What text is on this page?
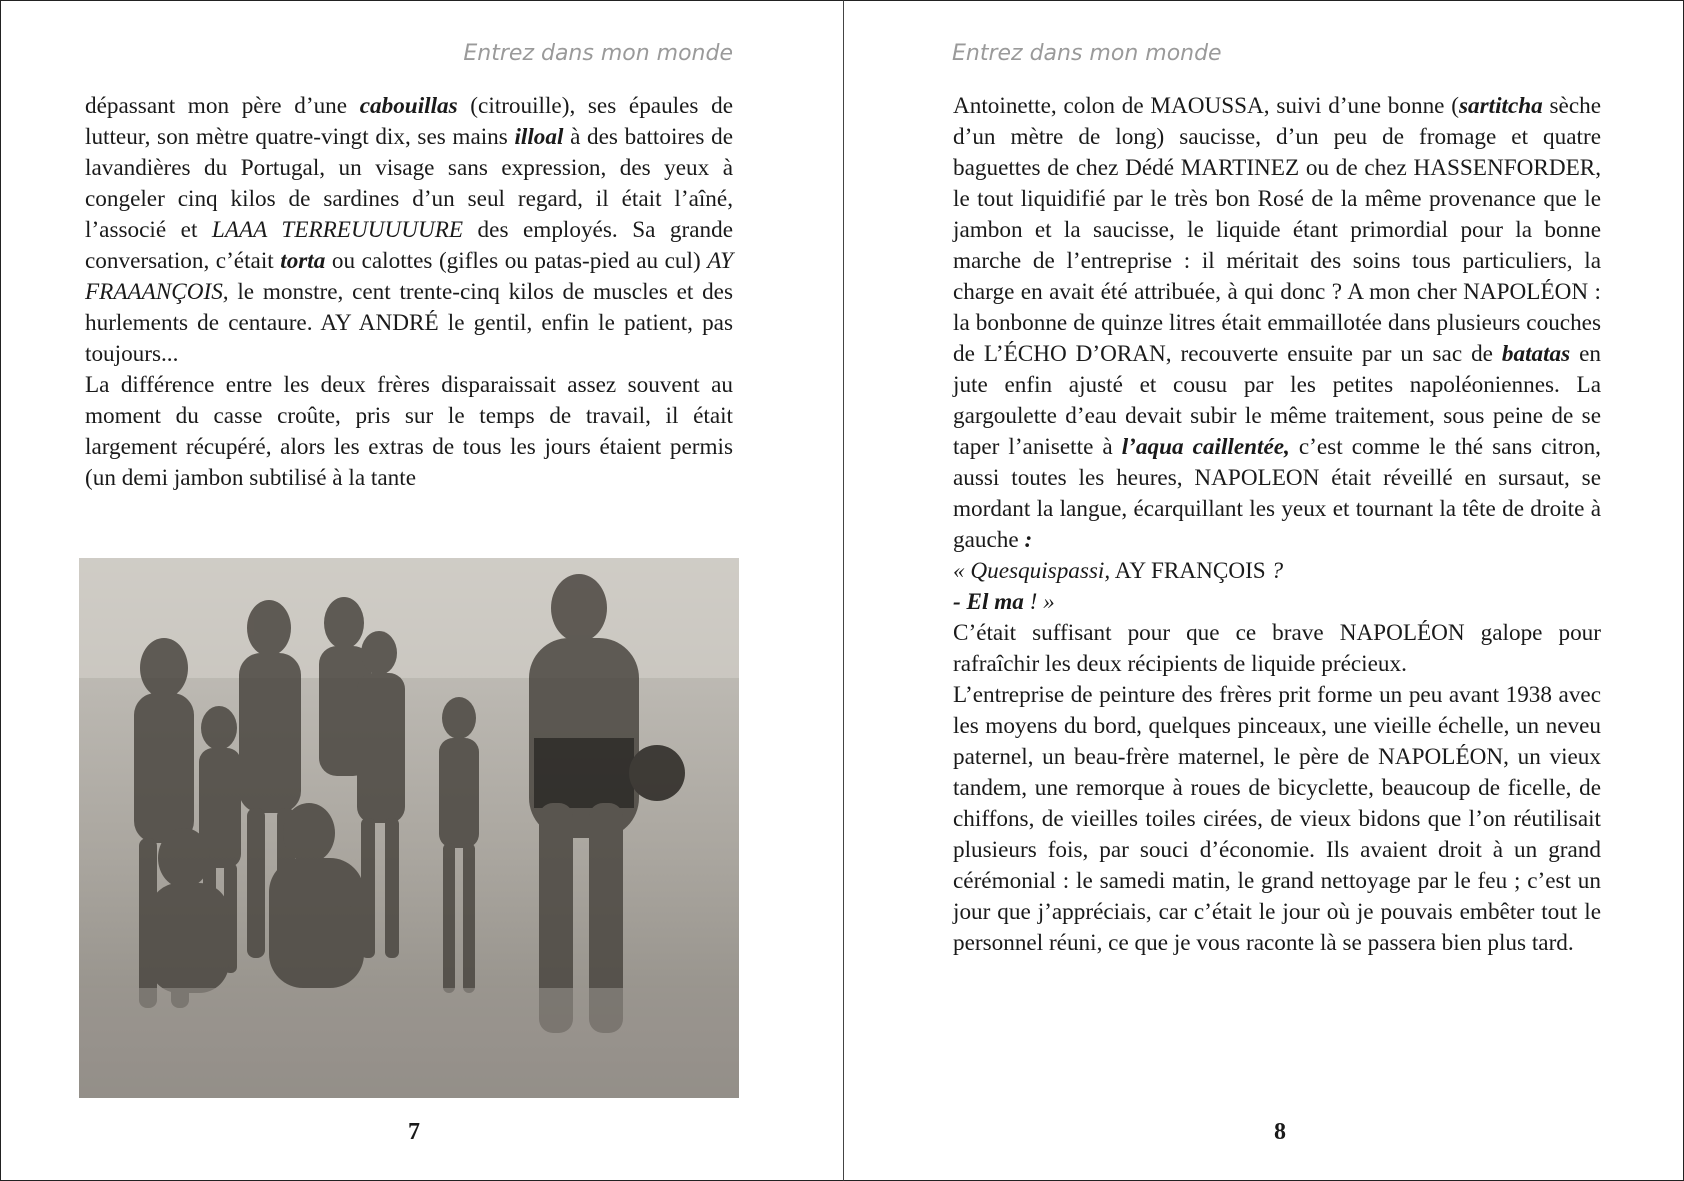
Entrez dans mon monde

dépassant mon père d’une cabouillas (citrouille), ses épaules de lutteur, son mètre quatre-vingt dix, ses mains illoal à des battoires de lavandières du Portugal, un visage sans expression, des yeux à congeler cinq kilos de sardines d’un seul regard, il était l’aîné, l’associé et LAAA TERREUUUUURE des employés. Sa grande conversation, c’était torta ou calottes (gifles ou patas-pied au cul) AY FRAAANÇOIS, le monstre, cent trente-cinq kilos de muscles et des hurlements de centaure. AY ANDRÉ le gentil, enfin le patient, pas toujours...

La différence entre les deux frères disparaissait assez souvent au moment du casse croûte, pris sur le temps de travail, il était largement récupéré, alors les extras de tous les jours étaient permis (un demi jambon subtilisé à la tante

7
Entrez dans mon monde

Antoinette, colon de MAOUSSA, suivi d’une bonne (sartitcha sèche d’un mètre de long) saucisse, d’un peu de fromage et quatre baguettes de chez Dédé MARTINEZ ou de chez HASSENFORDER, le tout liquidifié par le très bon Rosé de la même provenance que le jambon et la saucisse, le liquide étant primordial pour la bonne marche de l’entreprise : il méritait des soins tous particuliers, la charge en avait été attribuée, à qui donc ? A mon cher NAPOLÉON : la bonbonne de quinze litres était emmaillotée dans plusieurs couches de L’ÉCHO D’ORAN, recouverte ensuite par un sac de batatas en jute enfin ajusté et cousu par les petites napoléoniennes. La gargoulette d’eau devait subir le même traitement, sous peine de se taper l’anisette à l’aqua caillentée, c’est comme le thé sans citron, aussi toutes les heures, NAPOLEON était réveillé en sursaut, se mordant la langue, écarquillant les yeux et tournant la tête de droite à gauche :

« Quesquispassi, AY FRANÇOIS ?

- El ma ! »

C’était suffisant pour que ce brave NAPOLÉON galope pour rafraîchir les deux récipients de liquide précieux.

L’entreprise de peinture des frères prit forme un peu avant 1938 avec les moyens du bord, quelques pinceaux, une vieille échelle, un neveu paternel, un beau-frère maternel, le père de NAPOLÉON, un vieux tandem, une remorque à roues de bicyclette, beaucoup de ficelle, de chiffons, de vieilles toiles cirées, de vieux bidons que l’on réutilisait plusieurs fois, par souci d’économie. Ils avaient droit à un grand cérémonial : le samedi matin, le grand nettoyage par le feu ; c’est un jour que j’appréciais, car c’était le jour où je pouvais embêter tout le personnel réuni, ce que je vous raconte là se passera bien plus tard.

8
